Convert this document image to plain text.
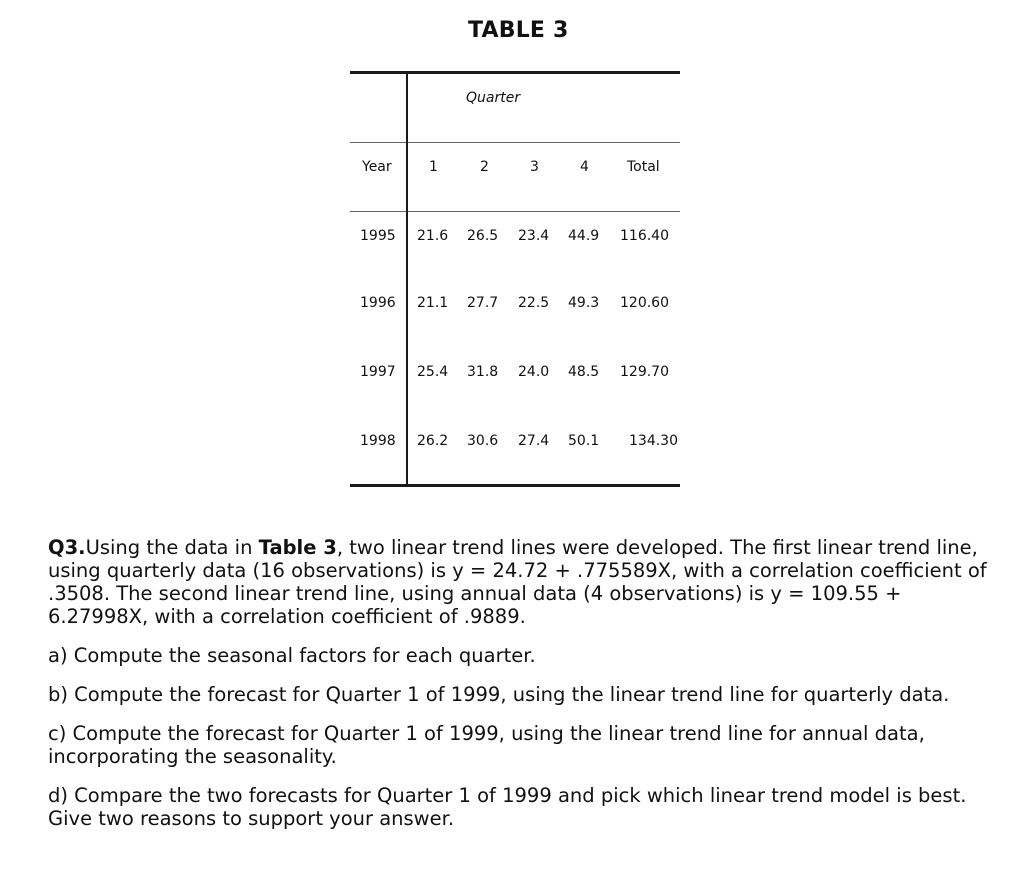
TABLE 3
Quarter
Year	1	2	3	4	Total
1995 21.6 26.5 23.4 44.9 116.40
1996 21.1 27.7 22.5 49.3 120.60
1997 25.4 31.8 24.0 48.5 129.70
1998 26.2 30.6 27.4 50.1 134.30

Q3.Using the data in Table 3, two linear trend lines were developed. The first linear trend line, using quarterly data (16 observations) is y = 24.72 + .775589X, with a correlation coefficient of .3508. The second linear trend line, using annual data (4 observations) is y = 109.55 + 6.27998X, with a correlation coefficient of .9889.

a) Compute the seasonal factors for each quarter.

b) Compute the forecast for Quarter 1 of 1999, using the linear trend line for quarterly data.

c) Compute the forecast for Quarter 1 of 1999, using the linear trend line for annual data, incorporating the seasonality.

d) Compare the two forecasts for Quarter 1 of 1999 and pick which linear trend model is best. Give two reasons to support your answer.
